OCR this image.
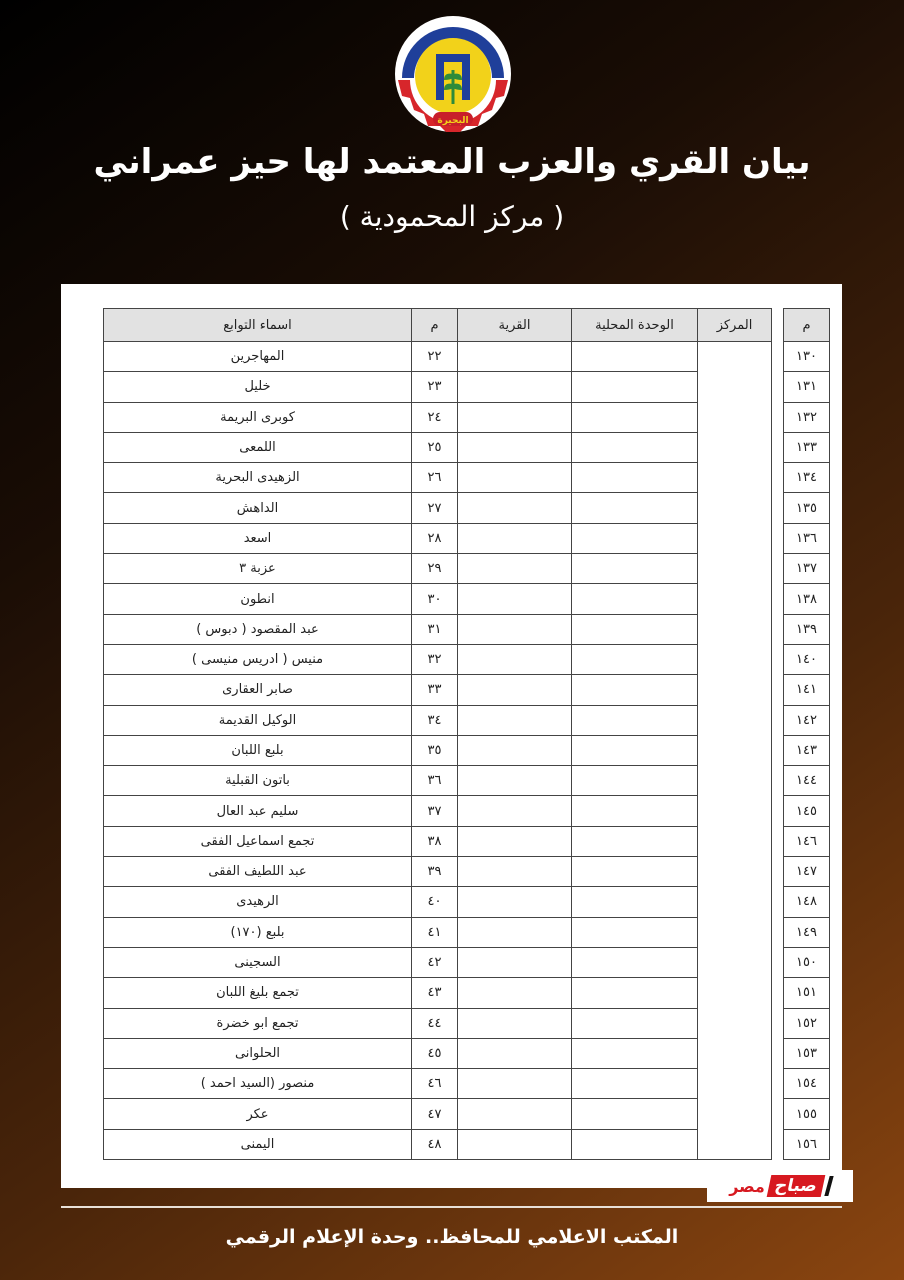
البحيرة
بيان القري والعزب المعتمد لها حيز عمراني
( مركز المحمودية )
م		المركز	الوحدة المحلية	القرية	م	اسماء التوابع
١٣٠					٢٢	المهاجرين
١٣١					٢٣	خليل
١٣٢					٢٤	كوبرى البريمة
١٣٣					٢٥	اللمعى
١٣٤					٢٦	الزهيدى البحرية
١٣٥					٢٧	الداهش
١٣٦					٢٨	اسعد
١٣٧					٢٩	عزبة ٣
١٣٨					٣٠	انطون
١٣٩					٣١	عبد المقصود ( دبوس )
١٤٠					٣٢	منيس ( ادريس منيسى )
١٤١					٣٣	صابر العقارى
١٤٢					٣٤	الوكيل القديمة
١٤٣					٣٥	بلبع اللبان
١٤٤					٣٦	باتون القبلية
١٤٥					٣٧	سليم عبد العال
١٤٦					٣٨	تجمع اسماعيل الفقى
١٤٧					٣٩	عبد اللطيف الفقى
١٤٨					٤٠	الرهيدى
١٤٩					٤١	بلبع (١٧٠)
١٥٠					٤٢	السجينى
١٥١					٤٣	تجمع بليغ اللبان
١٥٢					٤٤	تجمع ابو خضرة
١٥٣					٤٥	الحلوانى
١٥٤					٤٦	منصور (السيد احمد )
١٥٥					٤٧	عكر
١٥٦					٤٨	اليمنى
صباح
مصر
المكتب الاعلامي للمحافظ.. وحدة الإعلام الرقمي
